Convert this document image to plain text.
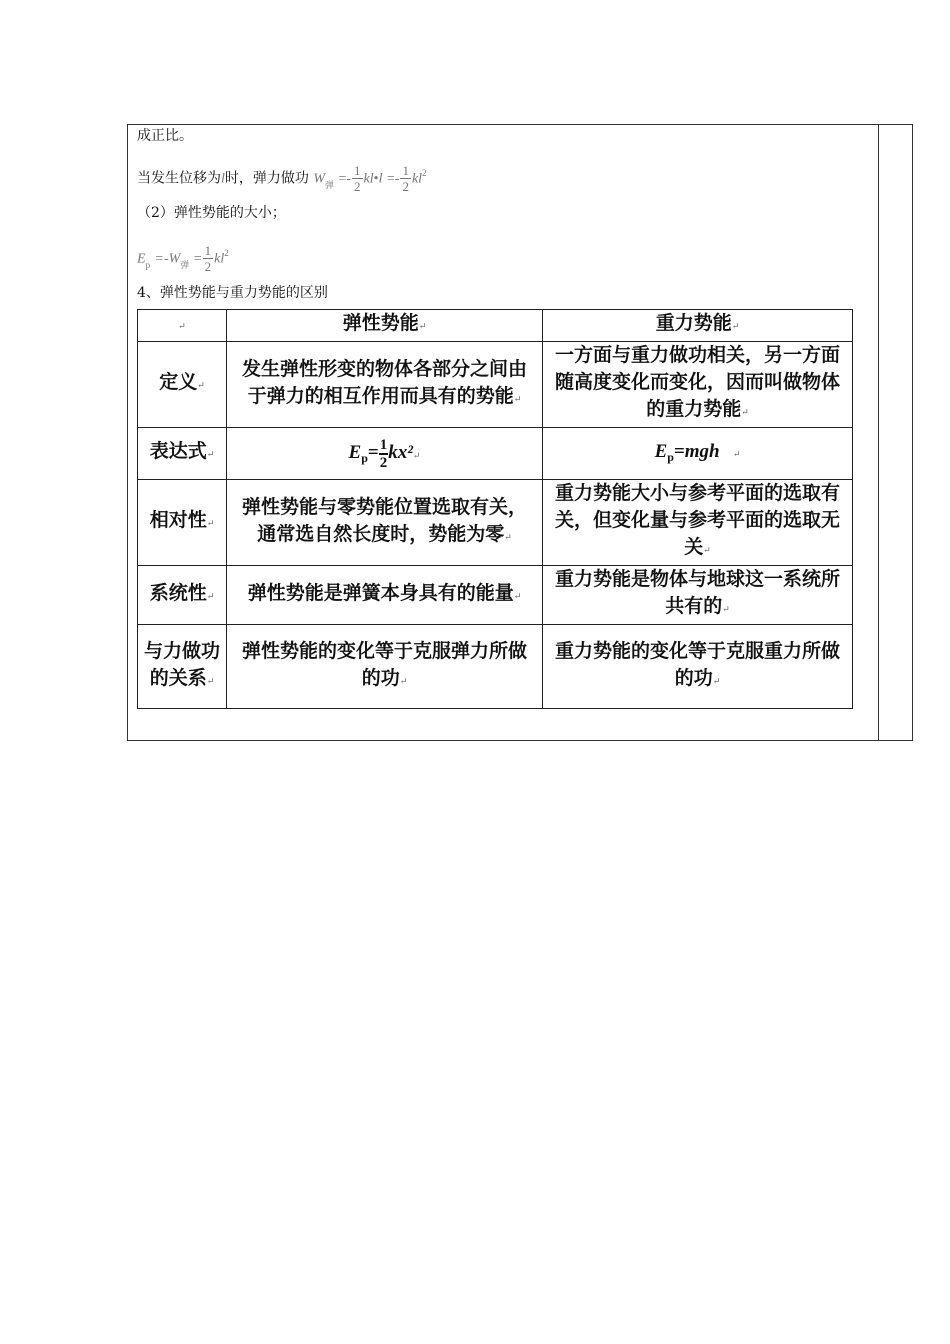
成正比。
当发生位移为l时，弹力做功 $W_弹 =- \frac{1}{2}$ kl•l =- $\frac{1}{2} kl^2$
（2）弹性势能的大小；
$E_p =-W_弹 = \frac{1}{2} kl^2$
4、弹性势能与重力势能的区别
↵	弹性势能↵	重力势能↵
定义↵	发生弹性形变的物体各部分之间由于弹力的相互作用而具有的势能↵	一方面与重力做功相关，另一方面随高度变化而变化，因而叫做物体的重力势能↵
表达式↵	$E_p= \frac{1}{2}$ kx²↵	$E_p=mgh$ ↵
相对性↵	弹性势能与零势能位置选取有关，通常选自然长度时，势能为零↵	重力势能大小与参考平面的选取有关，但变化量与参考平面的选取无关↵
系统性↵	弹性势能是弹簧本身具有的能量↵	重力势能是物体与地球这一系统所共有的↵
与力做功的关系↵	弹性势能的变化等于克服弹力所做的功↵	重力势能的变化等于克服重力所做的功↵
